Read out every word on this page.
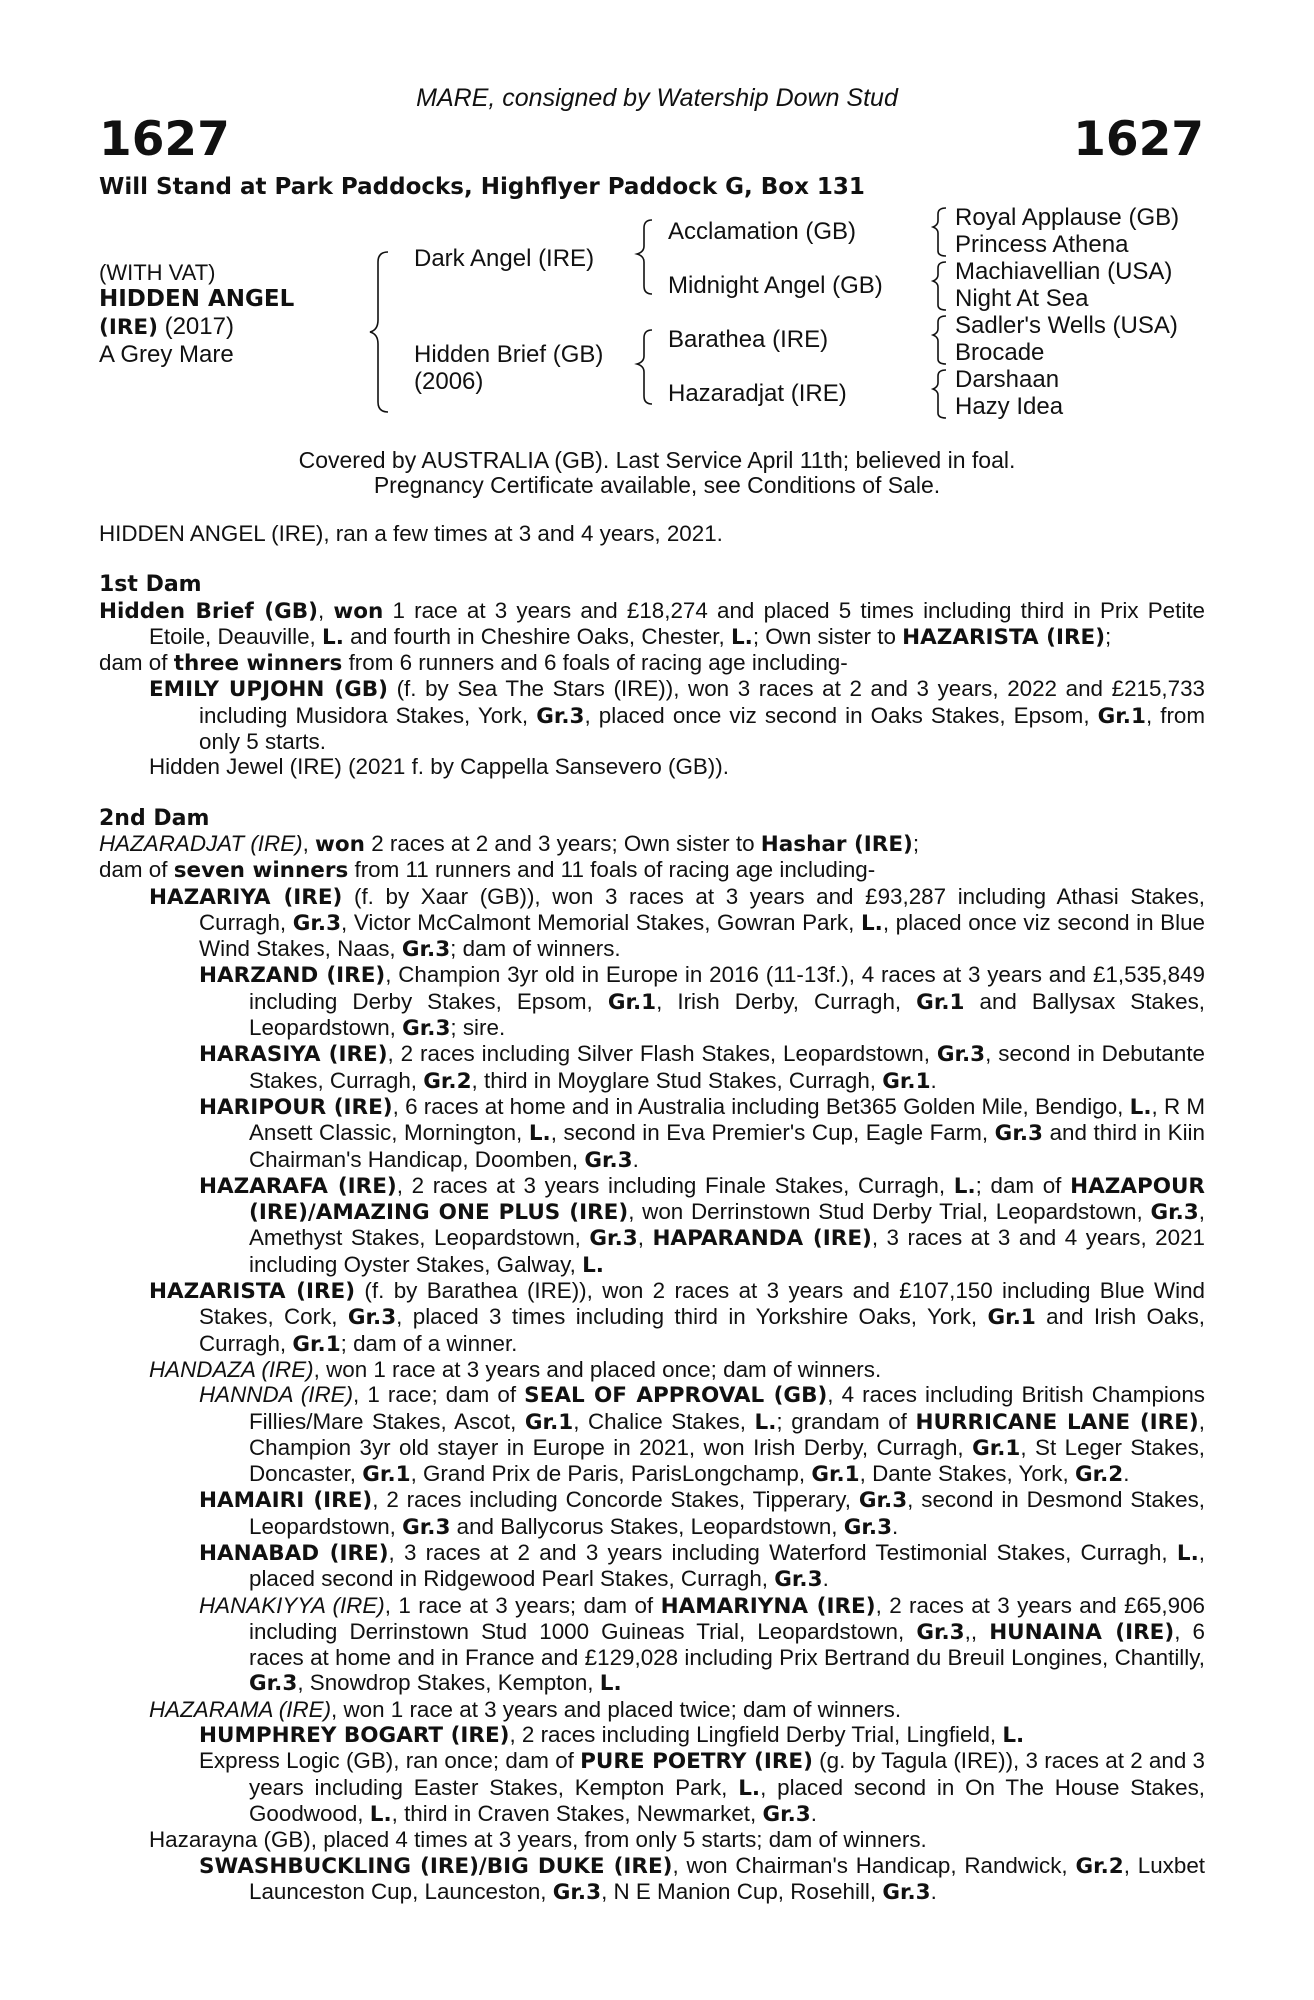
MARE, consigned by Watership Down Stud
1627	1627
Will Stand at Park Paddocks, Highflyer Paddock G, Box 131
(WITH VAT)
HIDDEN ANGEL
(IRE) (2017)
A Grey Mare
Dark Angel (IRE)
Hidden Brief (GB)
(2006)
Acclamation (GB)
Midnight Angel (GB)
Barathea (IRE)
Hazaradjat (IRE)
Royal Applause (GB)
Princess Athena
Machiavellian (USA)
Night At Sea
Sadler's Wells (USA)
Brocade
Darshaan
Hazy Idea
Covered by AUSTRALIA (GB). Last Service April 11th; believed in foal.
Pregnancy Certificate available, see Conditions of Sale.

HIDDEN ANGEL (IRE), ran a few times at 3 and 4 years, 2021.

1st Dam

Hidden Brief (GB), won 1 race at 3 years and £18,274 and placed 5 times including third in Prix Petite Etoile, Deauville, L. and fourth in Cheshire Oaks, Chester, L.; Own sister to HAZARISTA (IRE);

dam of three winners from 6 runners and 6 foals of racing age including-

EMILY UPJOHN (GB) (f. by Sea The Stars (IRE)), won 3 races at 2 and 3 years, 2022 and £215,733 including Musidora Stakes, York, Gr.3, placed once viz second in Oaks Stakes, Epsom, Gr.1, from only 5 starts.

Hidden Jewel (IRE) (2021 f. by Cappella Sansevero (GB)).

2nd Dam

HAZARADJAT (IRE), won 2 races at 2 and 3 years; Own sister to Hashar (IRE);

dam of seven winners from 11 runners and 11 foals of racing age including-

HAZARIYA (IRE) (f. by Xaar (GB)), won 3 races at 3 years and £93,287 including Athasi Stakes, Curragh, Gr.3, Victor McCalmont Memorial Stakes, Gowran Park, L., placed once viz second in Blue Wind Stakes, Naas, Gr.3; dam of winners.

HARZAND (IRE), Champion 3yr old in Europe in 2016 (11-13f.), 4 races at 3 years and £1,535,849 including Derby Stakes, Epsom, Gr.1, Irish Derby, Curragh, Gr.1 and Ballysax Stakes, Leopardstown, Gr.3; sire.

HARASIYA (IRE), 2 races including Silver Flash Stakes, Leopardstown, Gr.3, second in Debutante Stakes, Curragh, Gr.2, third in Moyglare Stud Stakes, Curragh, Gr.1.

HARIPOUR (IRE), 6 races at home and in Australia including Bet365 Golden Mile, Bendigo, L., R M Ansett Classic, Mornington, L., second in Eva Premier's Cup, Eagle Farm, Gr.3 and third in Kiin Chairman's Handicap, Doomben, Gr.3.

HAZARAFA (IRE), 2 races at 3 years including Finale Stakes, Curragh, L.; dam of HAZAPOUR (IRE)/AMAZING ONE PLUS (IRE), won Derrinstown Stud Derby Trial, Leopardstown, Gr.3, Amethyst Stakes, Leopardstown, Gr.3, HAPARANDA (IRE), 3 races at 3 and 4 years, 2021 including Oyster Stakes, Galway, L.

HAZARISTA (IRE) (f. by Barathea (IRE)), won 2 races at 3 years and £107,150 including Blue Wind Stakes, Cork, Gr.3, placed 3 times including third in Yorkshire Oaks, York, Gr.1 and Irish Oaks, Curragh, Gr.1; dam of a winner.

HANDAZA (IRE), won 1 race at 3 years and placed once; dam of winners.

HANNDA (IRE), 1 race; dam of SEAL OF APPROVAL (GB), 4 races including British Champions Fillies/Mare Stakes, Ascot, Gr.1, Chalice Stakes, L.; grandam of HURRICANE LANE (IRE), Champion 3yr old stayer in Europe in 2021, won Irish Derby, Curragh, Gr.1, St Leger Stakes, Doncaster, Gr.1, Grand Prix de Paris, ParisLongchamp, Gr.1, Dante Stakes, York, Gr.2.

HAMAIRI (IRE), 2 races including Concorde Stakes, Tipperary, Gr.3, second in Desmond Stakes, Leopardstown, Gr.3 and Ballycorus Stakes, Leopardstown, Gr.3.

HANABAD (IRE), 3 races at 2 and 3 years including Waterford Testimonial Stakes, Curragh, L., placed second in Ridgewood Pearl Stakes, Curragh, Gr.3.

HANAKIYYA (IRE), 1 race at 3 years; dam of HAMARIYNA (IRE), 2 races at 3 years and £65,906 including Derrinstown Stud 1000 Guineas Trial, Leopardstown, Gr.3,, HUNAINA (IRE), 6 races at home and in France and £129,028 including Prix Bertrand du Breuil Longines, Chantilly, Gr.3, Snowdrop Stakes, Kempton, L.

HAZARAMA (IRE), won 1 race at 3 years and placed twice; dam of winners.

HUMPHREY BOGART (IRE), 2 races including Lingfield Derby Trial, Lingfield, L.

Express Logic (GB), ran once; dam of PURE POETRY (IRE) (g. by Tagula (IRE)), 3 races at 2 and 3 years including Easter Stakes, Kempton Park, L., placed second in On The House Stakes, Goodwood, L., third in Craven Stakes, Newmarket, Gr.3.

Hazarayna (GB), placed 4 times at 3 years, from only 5 starts; dam of winners.

SWASHBUCKLING (IRE)/BIG DUKE (IRE), won Chairman's Handicap, Randwick, Gr.2, Luxbet Launceston Cup, Launceston, Gr.3, N E Manion Cup, Rosehill, Gr.3.
